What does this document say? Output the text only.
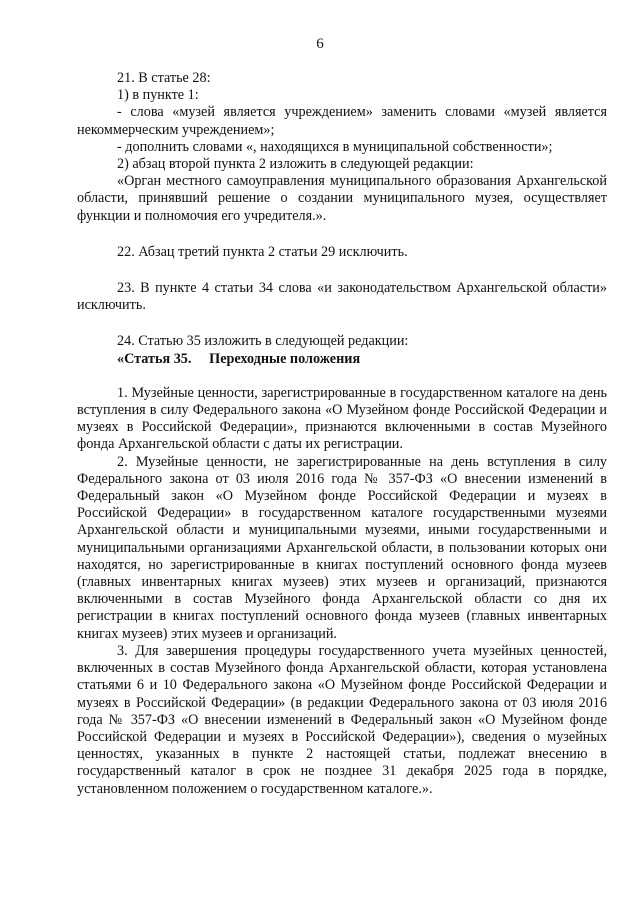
6

21. В статье 28:

1) в пункте 1:

- слова «музей является учреждением» заменить словами «музей является некоммерческим учреждением»;

- дополнить словами «, находящихся в муниципальной собственности»;

2) абзац второй пункта 2 изложить в следующей редакции:

«Орган местного самоуправления муниципального образования Архангельской области, принявший решение о создании муниципального музея, осуществляет функции и полномочия его учредителя.».

22. Абзац третий пункта 2 статьи 29 исключить.

23. В пункте 4 статьи 34 слова «и законодательством Архангельской области» исключить.

24. Статью 35 изложить в следующей редакции:

«Статья 35.     Переходные положения

1. Музейные ценности, зарегистрированные в государственном каталоге на день вступления в силу Федерального закона «О Музейном фонде Российской Федерации и музеях в Российской Федерации», признаются включенными в состав Музейного фонда Архангельской области с даты их регистрации.

2. Музейные ценности, не зарегистрированные на день вступления в силу Федерального закона от 03 июля 2016 года № 357-ФЗ «О внесении изменений в Федеральный закон «О Музейном фонде Российской Федерации и музеях в Российской Федерации» в государственном каталоге государственными музеями Архангельской области и муниципальными музеями, иными государственными и муниципальными организациями Архангельской области, в пользовании которых они находятся, но зарегистрированные в книгах поступлений основного фонда музеев (главных инвентарных книгах музеев) этих музеев и организаций, признаются включенными в состав Музейного фонда Архангельской области со дня их регистрации в книгах поступлений основного фонда музеев (главных инвентарных книгах музеев) этих музеев и организаций.

3. Для завершения процедуры государственного учета музейных ценностей, включенных в состав Музейного фонда Архангельской области, которая установлена статьями 6 и 10 Федерального закона «О Музейном фонде Российской Федерации и музеях в Российской Федерации» (в редакции Федерального закона от 03 июля 2016 года № 357-ФЗ «О внесении изменений в Федеральный закон «О Музейном фонде Российской Федерации и музеях в Российской Федерации»), сведения о музейных ценностях, указанных в пункте 2 настоящей статьи, подлежат внесению в государственный каталог в срок не позднее 31 декабря 2025 года в порядке, установленном положением о государственном каталоге.».
